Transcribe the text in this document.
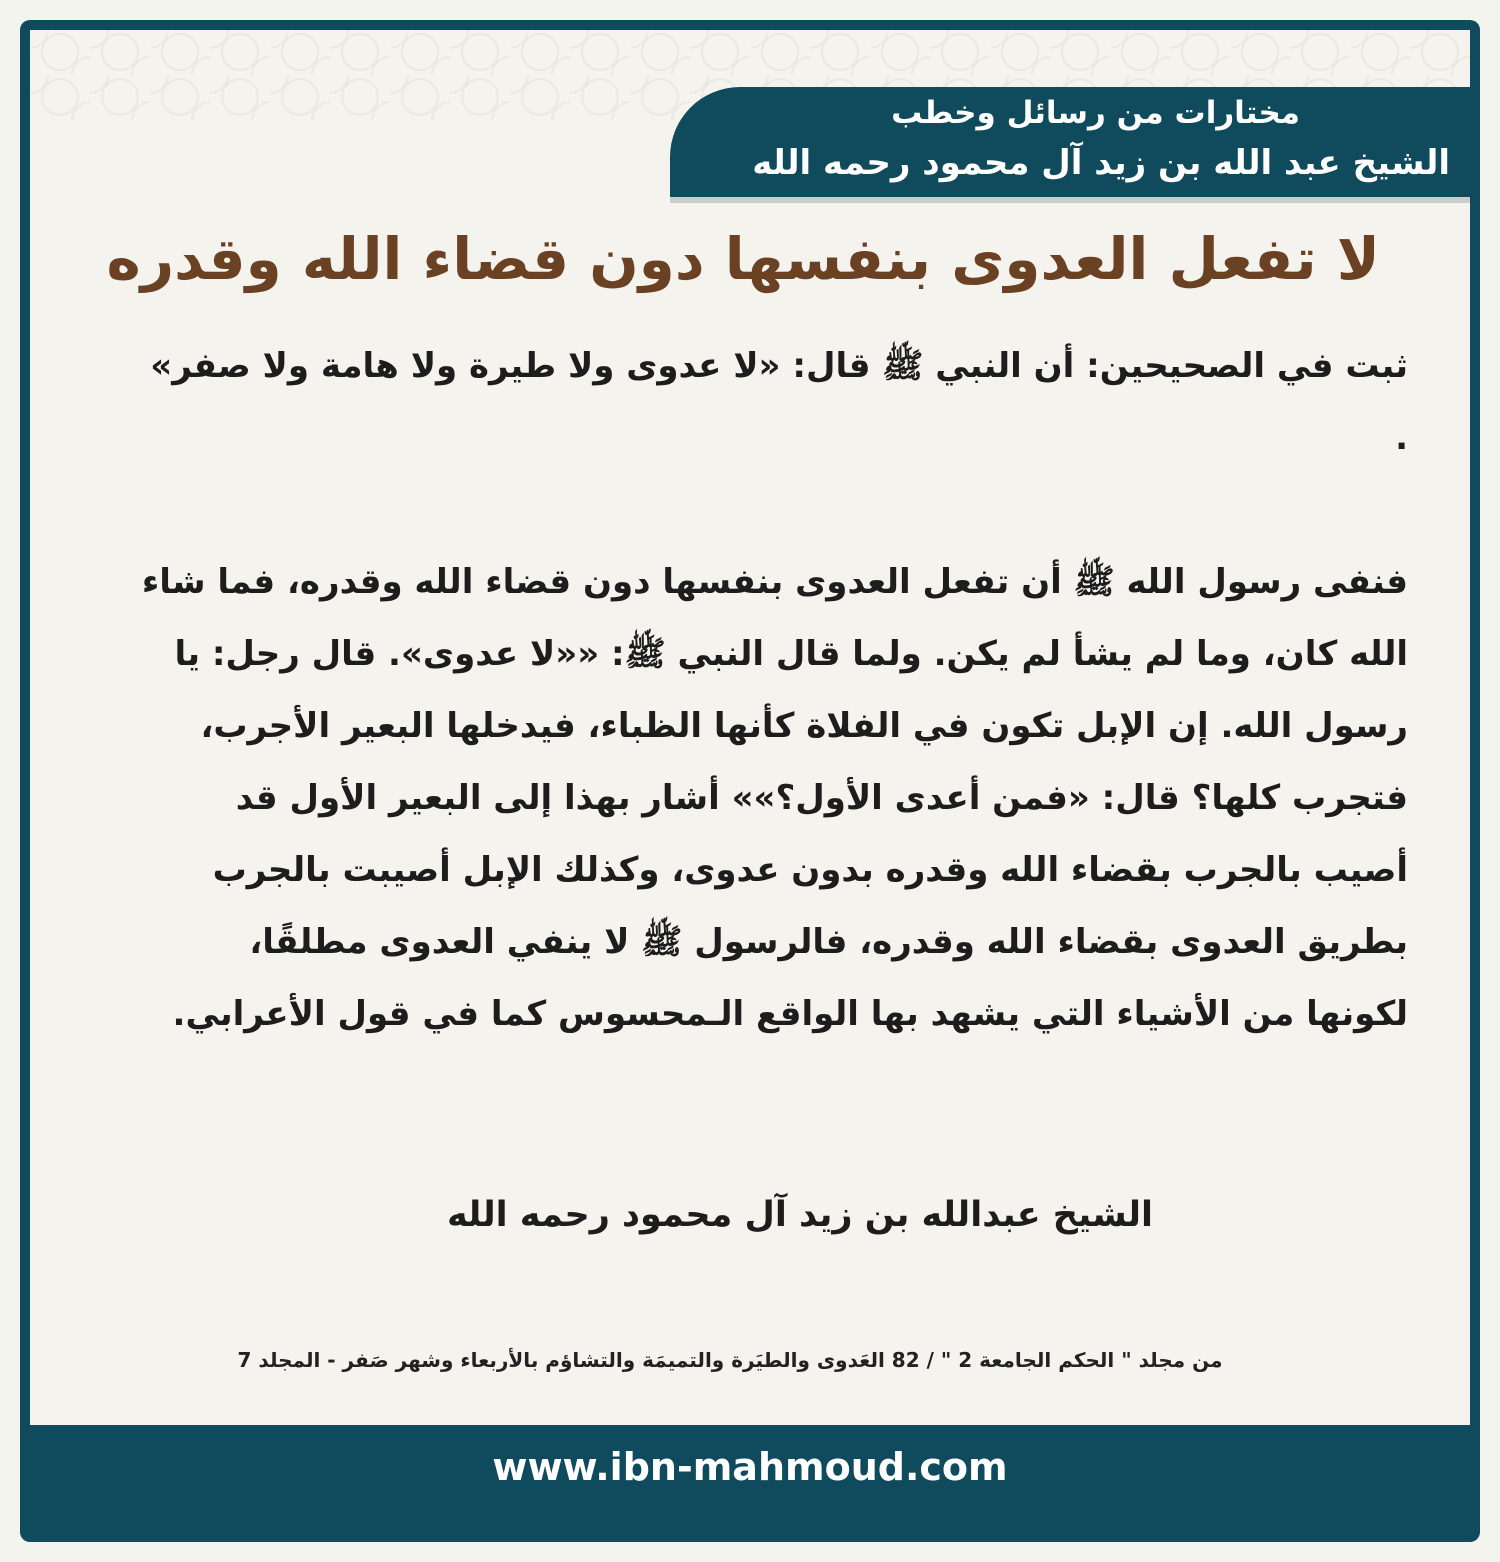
مختارات من رسائل وخطب
الشيخ عبد الله بن زيد آل محمود رحمه الله
لا تفعل العدوى بنفسها دون قضاء الله وقدره

ثبت في الصحيحين: أن النبي ﷺ قال: «لا عدوى ولا طيرة ولا هامة ولا صفر» .

فنفى رسول الله ﷺ أن تفعل العدوى بنفسها دون قضاء الله وقدره، فما شاء الله كان، وما لم يشأ لم يكن. ولما قال النبي ﷺ: ««لا عدوى». قال رجل: يا رسول الله. إن الإبل تكون في الفلاة كأنها الظباء، فيدخلها البعير الأجرب، فتجرب كلها؟ قال: «فمن أعدى الأول؟»» أشار بهذا إلى البعير الأول قد أصيب بالجرب بقضاء الله وقدره بدون عدوى، وكذلك الإبل أصيبت بالجرب بطريق العدوى بقضاء الله وقدره، فالرسول ﷺ لا ينفي العدوى مطلقًا، لكونها من الأشياء التي يشهد بها الواقع الـمحسوس كما في قول الأعرابي.

الشيخ عبدالله بن زيد آل محمود رحمه الله
من مجلد " الحكم الجامعة 2 " / 82 العَدوى والطيَرة والتميمَة والتشاؤم بالأربعاء وشهر صَفر - المجلد 7
www.ibn-mahmoud.com
